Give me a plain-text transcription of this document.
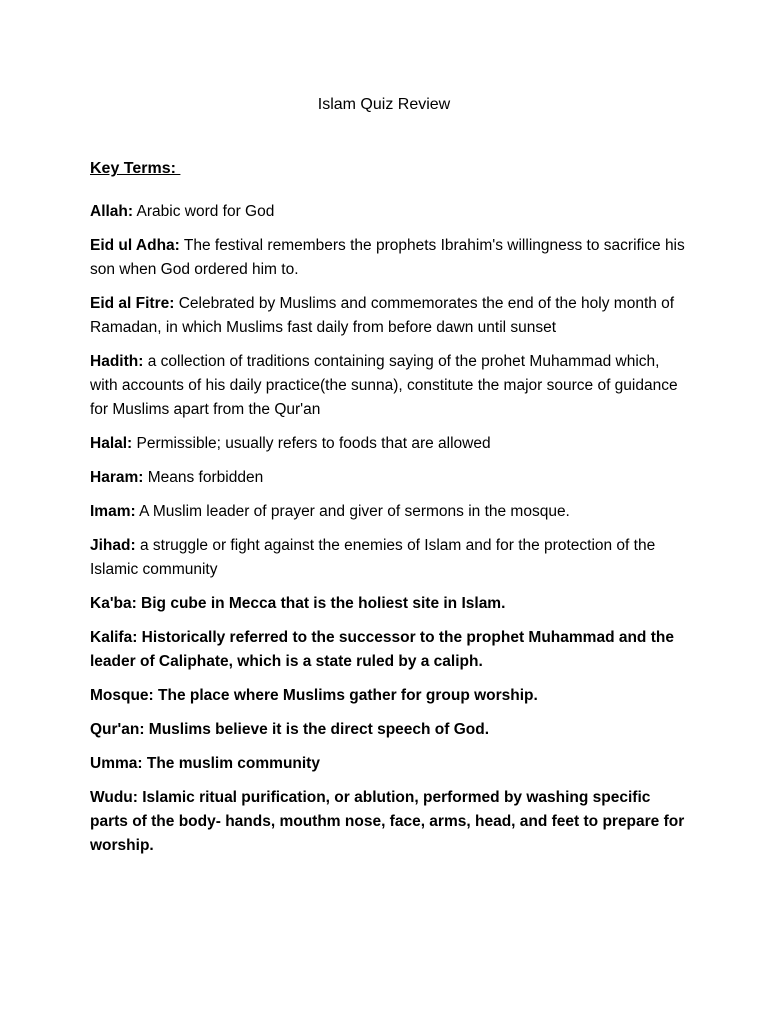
Islam Quiz Review
Key Terms:

Allah: Arabic word for God

Eid ul Adha: The festival remembers the prophets Ibrahim's willingness to sacrifice his son when God ordered him to.

Eid al Fitre: Celebrated by Muslims and commemorates the end of the holy month of Ramadan, in which Muslims fast daily from before dawn until sunset

Hadith: a collection of traditions containing saying of the prohet Muhammad which, with accounts of his daily practice(the sunna), constitute the major source of guidance for Muslims apart from the Qur'an

Halal: Permissible; usually refers to foods that are allowed

Haram: Means forbidden

Imam: A Muslim leader of prayer and giver of sermons in the mosque.

Jihad: a struggle or fight against the enemies of Islam and for the protection of the Islamic community

Ka'ba: Big cube in Mecca that is the holiest site in Islam.

Kalifa: Historically referred to the successor to the prophet Muhammad and the leader of Caliphate, which is a state ruled by a caliph.

Mosque: The place where Muslims gather for group worship.

Qur'an: Muslims believe it is the direct speech of God.

Umma: The muslim community

Wudu: Islamic ritual purification, or ablution, performed by washing specific parts of the body- hands, mouthm nose, face, arms, head, and feet to prepare for worship.
